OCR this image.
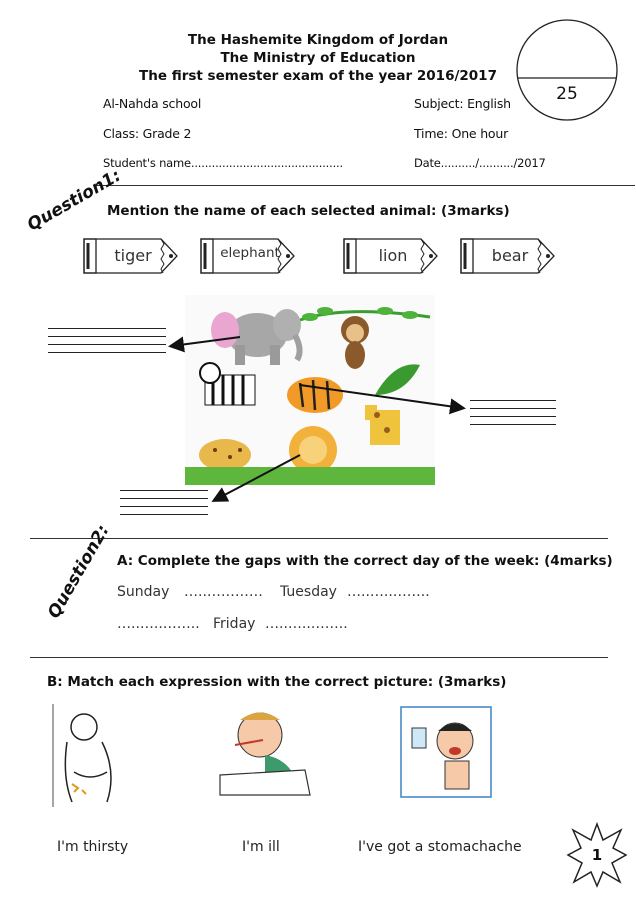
The Hashemite Kingdom of Jordan
The Ministry of Education
The first semester exam of the year 2016/2017
25
Al-Nahda school	Subject: English
Class: Grade 2	Time: One hour
Student's name............................................	Date........../........../2017
Question1:
Mention the name of each selected animal: (3marks)
tiger	elephant	lion	bear
Question2: A: Complete the gaps with the correct day of the week: (4marks)
Sunday …..………… Tuesday …..…..……..
…..…..…….. Friday …..…..……..
B: Match each expression with the correct picture: (3marks)
I'm thirsty	I'm ill	I've got a stomachache	1
